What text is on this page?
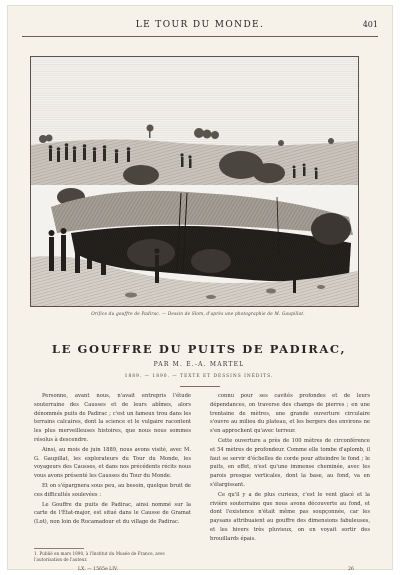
LE TOUR DU MONDE.	401
Orifice du gouffre de Padirac. — Dessin de Slom, d'après une photographie de M. Gaupillat.
LE GOUFFRE DU PUITS DE PADIRAC,
PAR M. E.-A. MARTEL
1889. — 1890. — TEXTE ET DESSINS INÉDITS.

Personne, avant nous, n'avait entrepris l'étude souterraine des Causses et de leurs abîmes, alors dénommés puits de Padirac ; c'est un fameux trou dans les terrains calcaires, dont la science et le vulgaire racontent les plus merveilleuses histoires, que nous nous sommes résolus à descendre.

Ainsi, au mois de juin 1889, nous avons visité, avec M. G. Gaupillat, les explorateurs du Tour du Monde, les voyageurs des Causses, et dans nos précédents récits nous vous avons présenté les Causses du Tour du Monde.

Et on s'épargnera sous peu, au besoin, quelque bruit de ces difficultés soulevées :

Le Gouffre du puits de Padirac, ainsi nommé sur la carte de l'État-major, est situé dans le Causse de Gramat (Lot), non loin de Rocamadour et du village de Padirac.

connu pour ses cavités profondes et de leurs dépendances, on traverse des champs de pierres ; en une trentaine de mètres, une grande ouverture circulaire s'ouvre au milieu du plateau, et les bergers des environs ne s'en approchent qu'avec terreur.

Cette ouverture a près de 100 mètres de circonférence et 54 mètres de profondeur. Comme elle tombe d'aplomb, il faut se servir d'échelles de corde pour atteindre le fond ; le puits, en effet, n'est qu'une immense cheminée, avec les parois presque verticales, dont la base, au fond, va en s'élargissant.

Ce qu'il y a de plus curieux, c'est le vent glacé et la rivière souterraine que nous avons découverte au fond, et dont l'existence n'était même pas soupçonnée, car les paysans attribuaient au gouffre des dimensions fabuleuses, et les hivers très pluvieux, on en voyait sortir des brouillards épais.

1. Publié en mars 1890, à l'Institut du Musée de France, avec l'autorisation de l'auteur.
LX. — 1565e LIV.	26
